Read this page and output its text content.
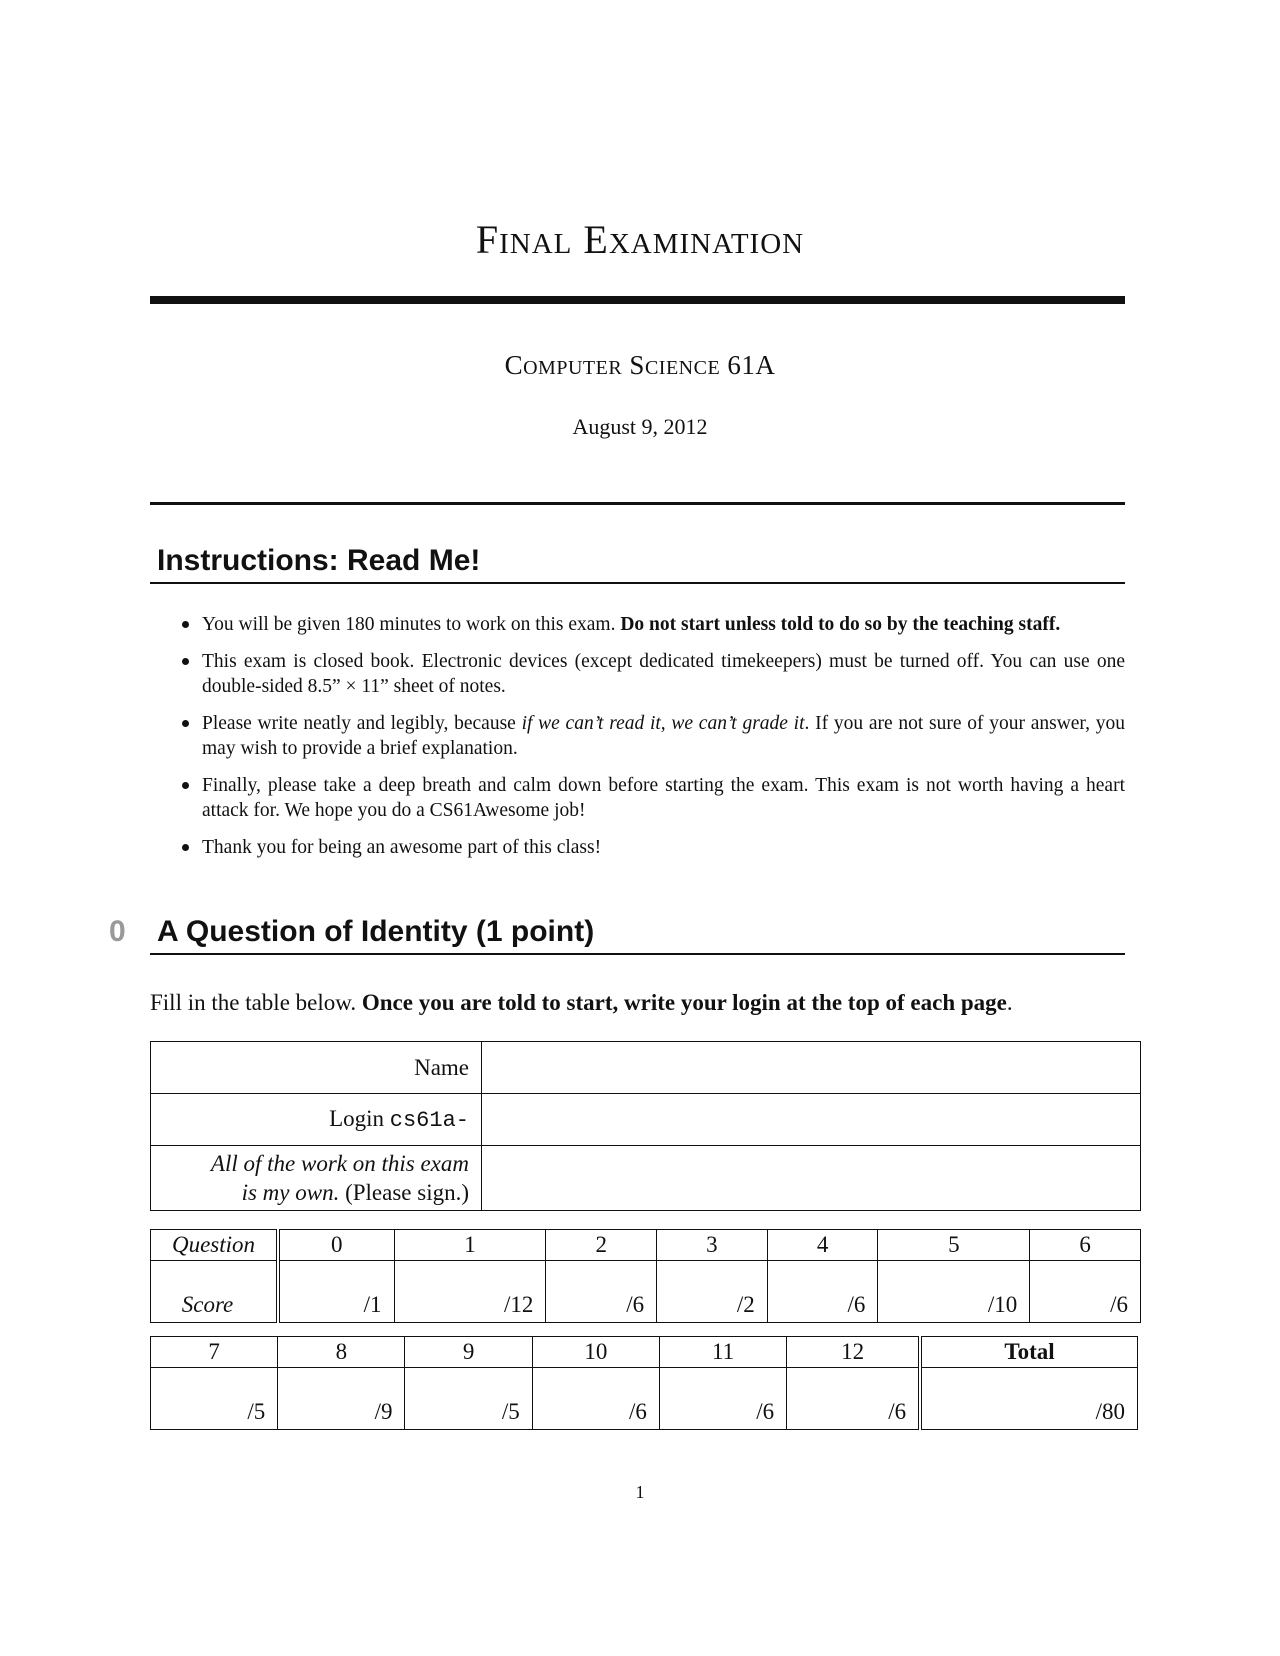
FINAL EXAMINATION
COMPUTER SCIENCE 61A
August 9, 2012
Instructions: Read Me!
You will be given 180 minutes to work on this exam. Do not start unless told to do so by the teaching staff.
This exam is closed book. Electronic devices (except dedicated timekeepers) must be turned off. You can use one double-sided 8.5” × 11” sheet of notes.
Please write neatly and legibly, because if we can’t read it, we can’t grade it. If you are not sure of your answer, you may wish to provide a brief explanation.
Finally, please take a deep breath and calm down before starting the exam. This exam is not worth having a heart attack for. We hope you do a CS61Awesome job!
Thank you for being an awesome part of this class!
0 A Question of Identity (1 point)
Fill in the table below. Once you are told to start, write your login at the top of each page.
Name	
Login cs61a-	
All of the work on this exam
is my own. (Please sign.)	
Question	0	1	2	3	4	5	6
Score	/1	/12	/6	/2	/6	/10	/6
7	8	9	10	11	12	Total
/5	/9	/5	/6	/6	/6	/80
1
